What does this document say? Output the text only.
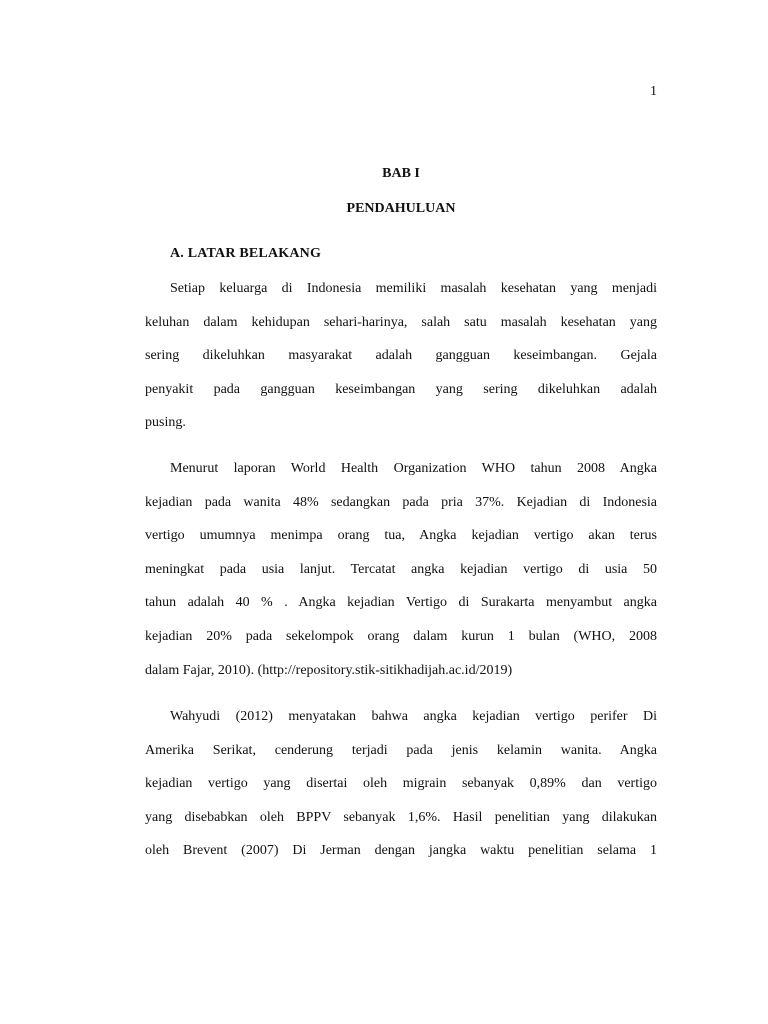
1
BAB I
PENDAHULUAN
A. LATAR BELAKANG
Setiap keluarga di Indonesia memiliki masalah kesehatan yang menjadi
keluhan dalam kehidupan sehari-harinya, salah satu masalah kesehatan yang
sering dikeluhkan masyarakat adalah gangguan keseimbangan. Gejala
penyakit pada gangguan keseimbangan yang sering dikeluhkan adalah
pusing.
Menurut laporan World Health Organization WHO tahun 2008 Angka
kejadian pada wanita 48% sedangkan pada pria 37%. Kejadian di Indonesia
vertigo umumnya menimpa orang tua, Angka kejadian vertigo akan terus
meningkat pada usia lanjut. Tercatat angka kejadian vertigo di usia 50
tahun adalah 40 % . Angka kejadian Vertigo di Surakarta menyambut angka
kejadian 20% pada sekelompok orang dalam kurun 1 bulan (WHO, 2008
dalam Fajar, 2010). (http://repository.stik-sitikhadijah.ac.id/2019)
Wahyudi (2012) menyatakan bahwa angka kejadian vertigo perifer Di
Amerika Serikat, cenderung terjadi pada jenis kelamin wanita. Angka
kejadian vertigo yang disertai oleh migrain sebanyak 0,89% dan vertigo
yang disebabkan oleh BPPV sebanyak 1,6%. Hasil penelitian yang dilakukan
oleh Brevent (2007) Di Jerman dengan jangka waktu penelitian selama 1
